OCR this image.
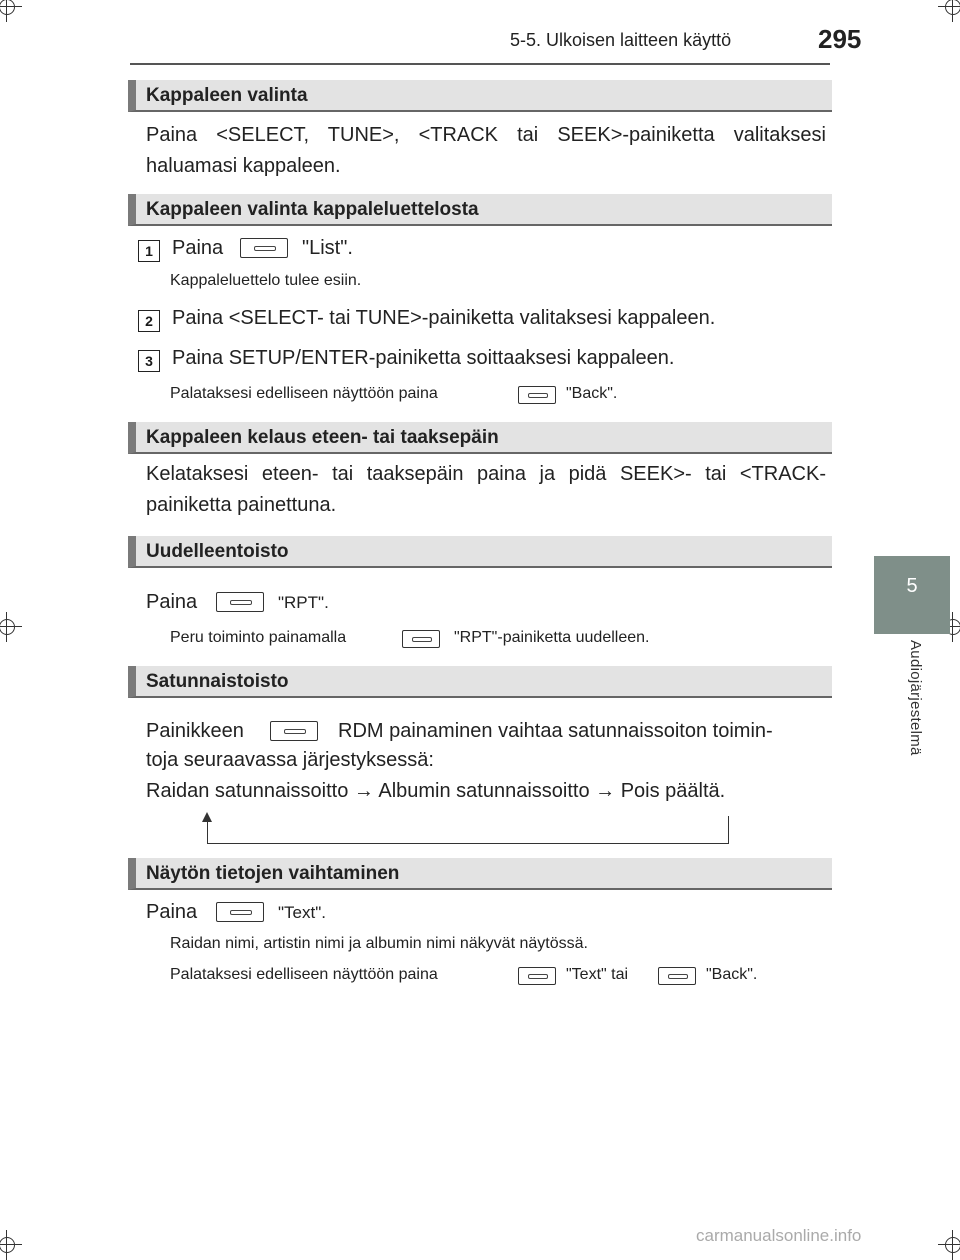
5-5. Ulkoisen laitteen käyttö	295
5
Audiojärjestelmä
Kappaleen valinta
Paina <SELECT, TUNE>, <TRACK tai SEEK>-painiketta valitaksesi haluamasi kappaleen.
Kappaleen valinta kappaleluettelosta
1 Paina	"List".
Kappaleluettelo tulee esiin.
2 Paina <SELECT- tai TUNE>-painiketta valitaksesi kappaleen.
3 Paina SETUP/ENTER-painiketta soittaaksesi kappaleen.
Palataksesi edelliseen näyttöön paina	"Back".
Kappaleen kelaus eteen- tai taaksepäin
Kelataksesi eteen- tai taaksepäin paina ja pidä SEEK>- tai <TRACK-painiketta painettuna.
Uudelleentoisto
Paina	"RPT".
Peru toiminto painamalla	"RPT"-painiketta uudelleen.
Satunnaistoisto
Painikkeen	RDM painaminen vaihtaa satunnaissoiton toimin-
toja seuraavassa järjestyksessä:
Raidan satunnaissoitto → Albumin satunnaissoitto → Pois päältä.
Näytön tietojen vaihtaminen
Paina	"Text".
Raidan nimi, artistin nimi ja albumin nimi näkyvät näytössä.
Palataksesi edelliseen näyttöön paina	"Text" tai	"Back".
carmanualsonline.info
